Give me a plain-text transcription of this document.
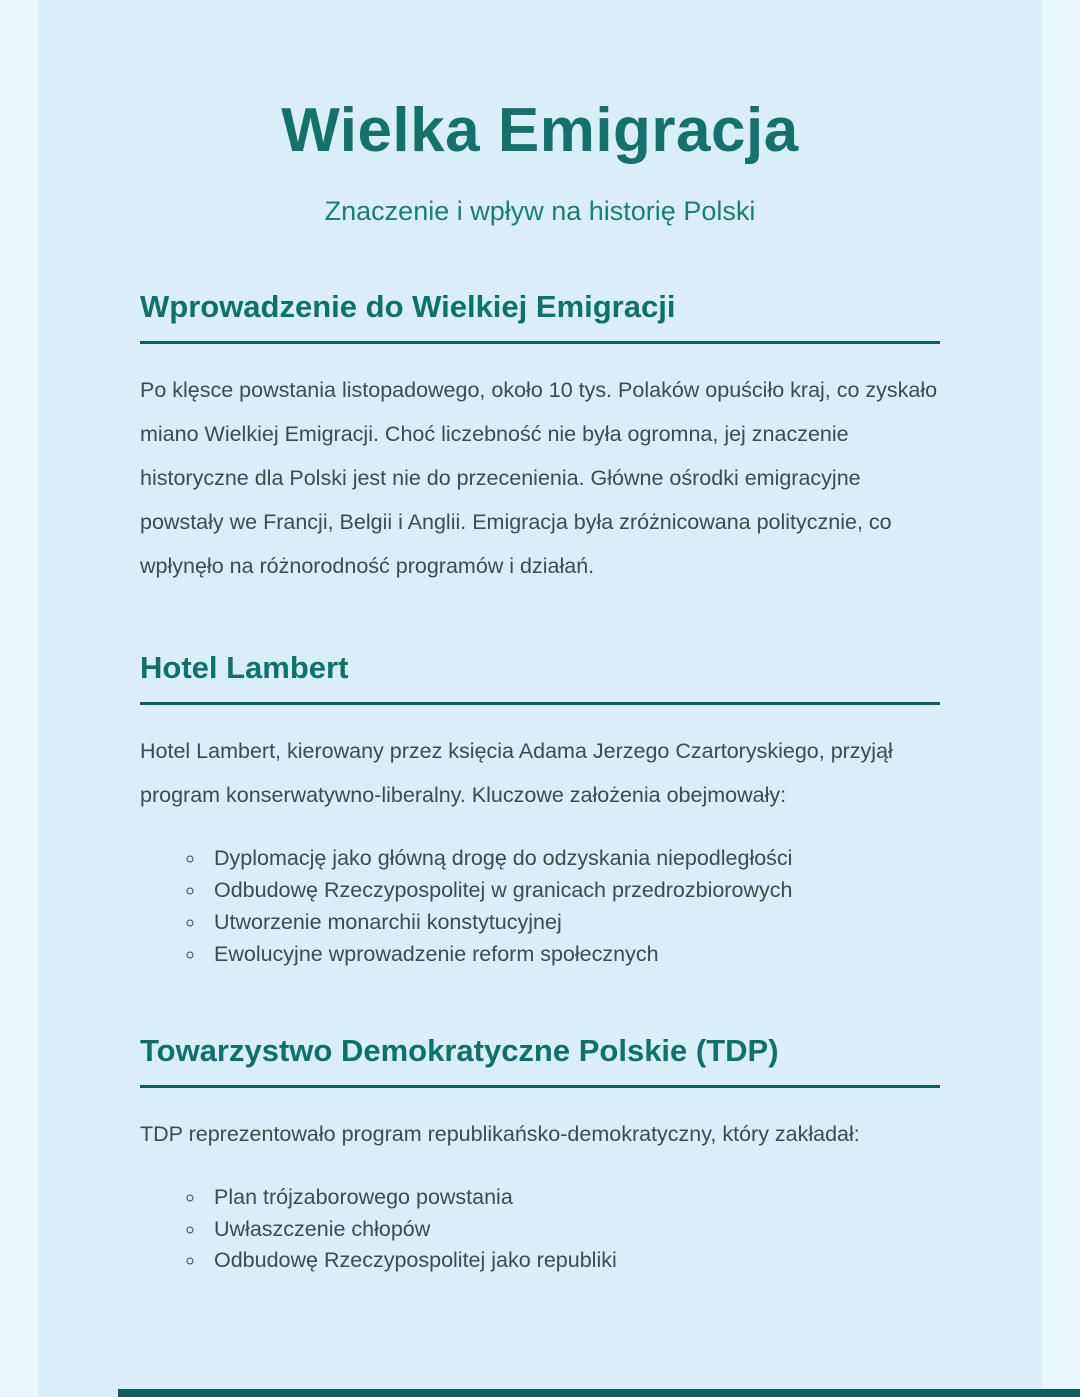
Wielka Emigracja

Znaczenie i wpływ na historię Polski

Wprowadzenie do Wielkiej Emigracji

Po klęsce powstania listopadowego, około 10 tys. Polaków opuściło kraj, co zyskało miano Wielkiej Emigracji. Choć liczebność nie była ogromna, jej znaczenie historyczne dla Polski jest nie do przecenienia. Główne ośrodki emigracyjne powstały we Francji, Belgii i Anglii. Emigracja była zróżnicowana politycznie, co wpłynęło na różnorodność programów i działań.

Hotel Lambert

Hotel Lambert, kierowany przez księcia Adama Jerzego Czartoryskiego, przyjął program konserwatywno-liberalny. Kluczowe założenia obejmowały:

◦ Dyplomację jako główną drogę do odzyskania niepodległości
◦ Odbudowę Rzeczypospolitej w granicach przedrozbiorowych
◦ Utworzenie monarchii konstytucyjnej
◦ Ewolucyjne wprowadzenie reform społecznych
Towarzystwo Demokratyczne Polskie (TDP)

TDP reprezentowało program republikańsko-demokratyczny, który zakładał:

◦ Plan trójzaborowego powstania
◦ Uwłaszczenie chłopów
◦ Odbudowę Rzeczypospolitej jako republiki
